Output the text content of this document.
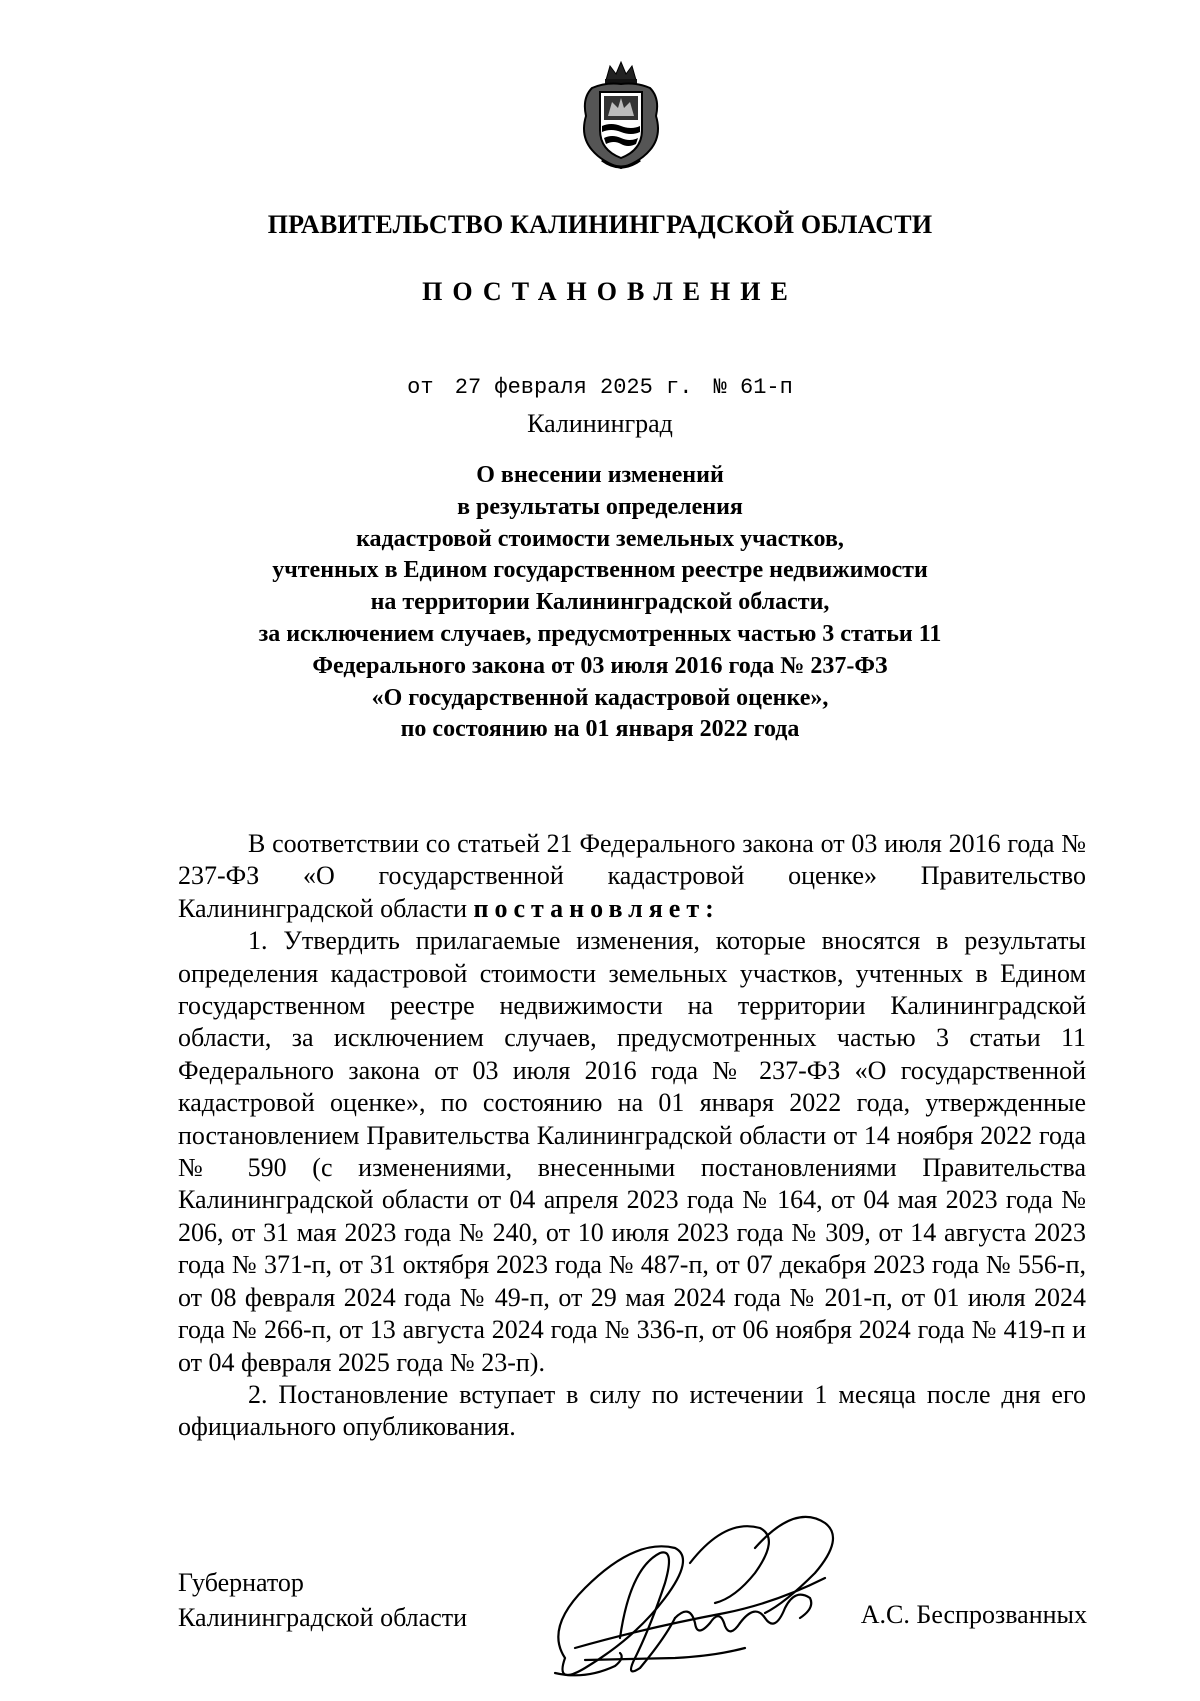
ПРАВИТЕЛЬСТВО КАЛИНИНГРАДСКОЙ ОБЛАСТИ
ПОСТАНОВЛЕНИЕ
от 27 февраля 2025 г. № 61-п
Калининград
О внесении изменений
в результаты определения
кадастровой стоимости земельных участков,
учтенных в Едином государственном реестре недвижимости
на территории Калининградской области,
за исключением случаев, предусмотренных частью 3 статьи 11
Федерального закона от 03 июля 2016 года № 237-ФЗ
«О государственной кадастровой оценке»,
по состоянию на 01 января 2022 года

В соответствии со статьей 21 Федерального закона от 03 июля 2016 года № 237-ФЗ «О государственной кадастровой оценке» Правительство Калининградской области постановляет:

1. Утвердить прилагаемые изменения, которые вносятся в результаты определения кадастровой стоимости земельных участков, учтенных в Едином государственном реестре недвижимости на территории Калининградской области, за исключением случаев, предусмотренных частью 3 статьи 11 Федерального закона от 03 июля 2016 года № 237-ФЗ «О государственной кадастровой оценке», по состоянию на 01 января 2022 года, утвержденные постановлением Правительства Калининградской области от 14 ноября 2022 года № 590 (с изменениями, внесенными постановлениями Правительства Калининградской области от 04 апреля 2023 года № 164, от 04 мая 2023 года № 206, от 31 мая 2023 года № 240, от 10 июля 2023 года № 309, от 14 августа 2023 года № 371-п, от 31 октября 2023 года № 487-п, от 07 декабря 2023 года № 556-п, от 08 февраля 2024 года № 49-п, от 29 мая 2024 года № 201-п, от 01 июля 2024 года № 266-п, от 13 августа 2024 года № 336-п, от 06 ноября 2024 года № 419-п и от 04 февраля 2025 года № 23-п).

2. Постановление вступает в силу по истечении 1 месяца после дня его официального опубликования.

Губернатор
Калининградской области	А.С. Беспрозванных
